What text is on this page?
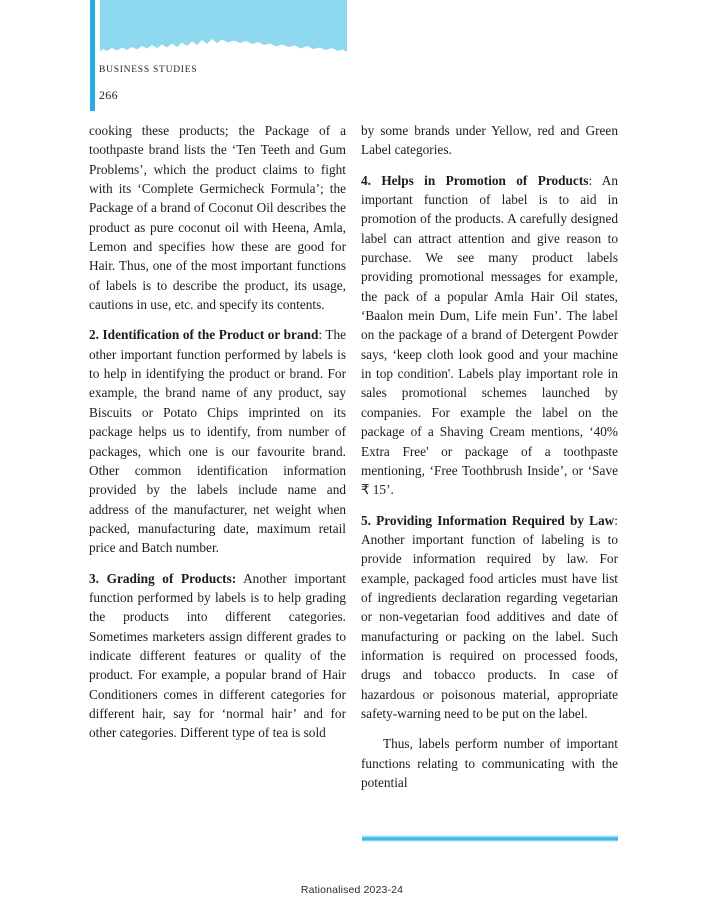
BUSINESS STUDIES
266

cooking these products; the Package of a toothpaste brand lists the ‘Ten Teeth and Gum Problems’, which the product claims to fight with its ‘Complete Germicheck Formula’; the Package of a brand of Coconut Oil describes the product as pure coconut oil with Heena, Amla, Lemon and specifies how these are good for Hair. Thus, one of the most important functions of labels is to describe the product, its usage, cautions in use, etc. and specify its contents.

2. Identification of the Product or brand: The other important function performed by labels is to help in identifying the product or brand. For example, the brand name of any product, say Biscuits or Potato Chips imprinted on its package helps us to identify, from number of packages, which one is our favourite brand. Other common identification information provided by the labels include name and address of the manufacturer, net weight when packed, manufacturing date, maximum retail price and Batch number.

3. Grading of Products: Another important function performed by labels is to help grading the products into different categories. Sometimes marketers assign different grades to indicate different features or quality of the product. For example, a popular brand of Hair Conditioners comes in different categories for different hair, say for ‘normal hair’ and for other categories. Different type of tea is sold

by some brands under Yellow, red and Green Label categories.

4. Helps in Promotion of Products: An important function of label is to aid in promotion of the products. A carefully designed label can attract attention and give reason to purchase. We see many product labels providing promotional messages for example, the pack of a popular Amla Hair Oil states, ‘Baalon mein Dum, Life mein Fun’. The label on the package of a brand of Detergent Powder says, ‘keep cloth look good and your machine in top condition'. Labels play important role in sales promotional schemes launched by companies. For example the label on the package of a Shaving Cream mentions, ‘40% Extra Free' or package of a toothpaste mentioning, ‘Free Toothbrush Inside’, or ‘Save ₹ 15’.

5. Providing Information Required by Law: Another important function of labeling is to provide information required by law. For example, packaged food articles must have list of ingredients declaration regarding vegetarian or non-vegetarian food additives and date of manufacturing or packing on the label. Such information is required on processed foods, drugs and tobacco products. In case of hazardous or poisonous material, appropriate safety-warning need to be put on the label.

Thus, labels perform number of important functions relating to communicating with the potential

Rationalised 2023-24
